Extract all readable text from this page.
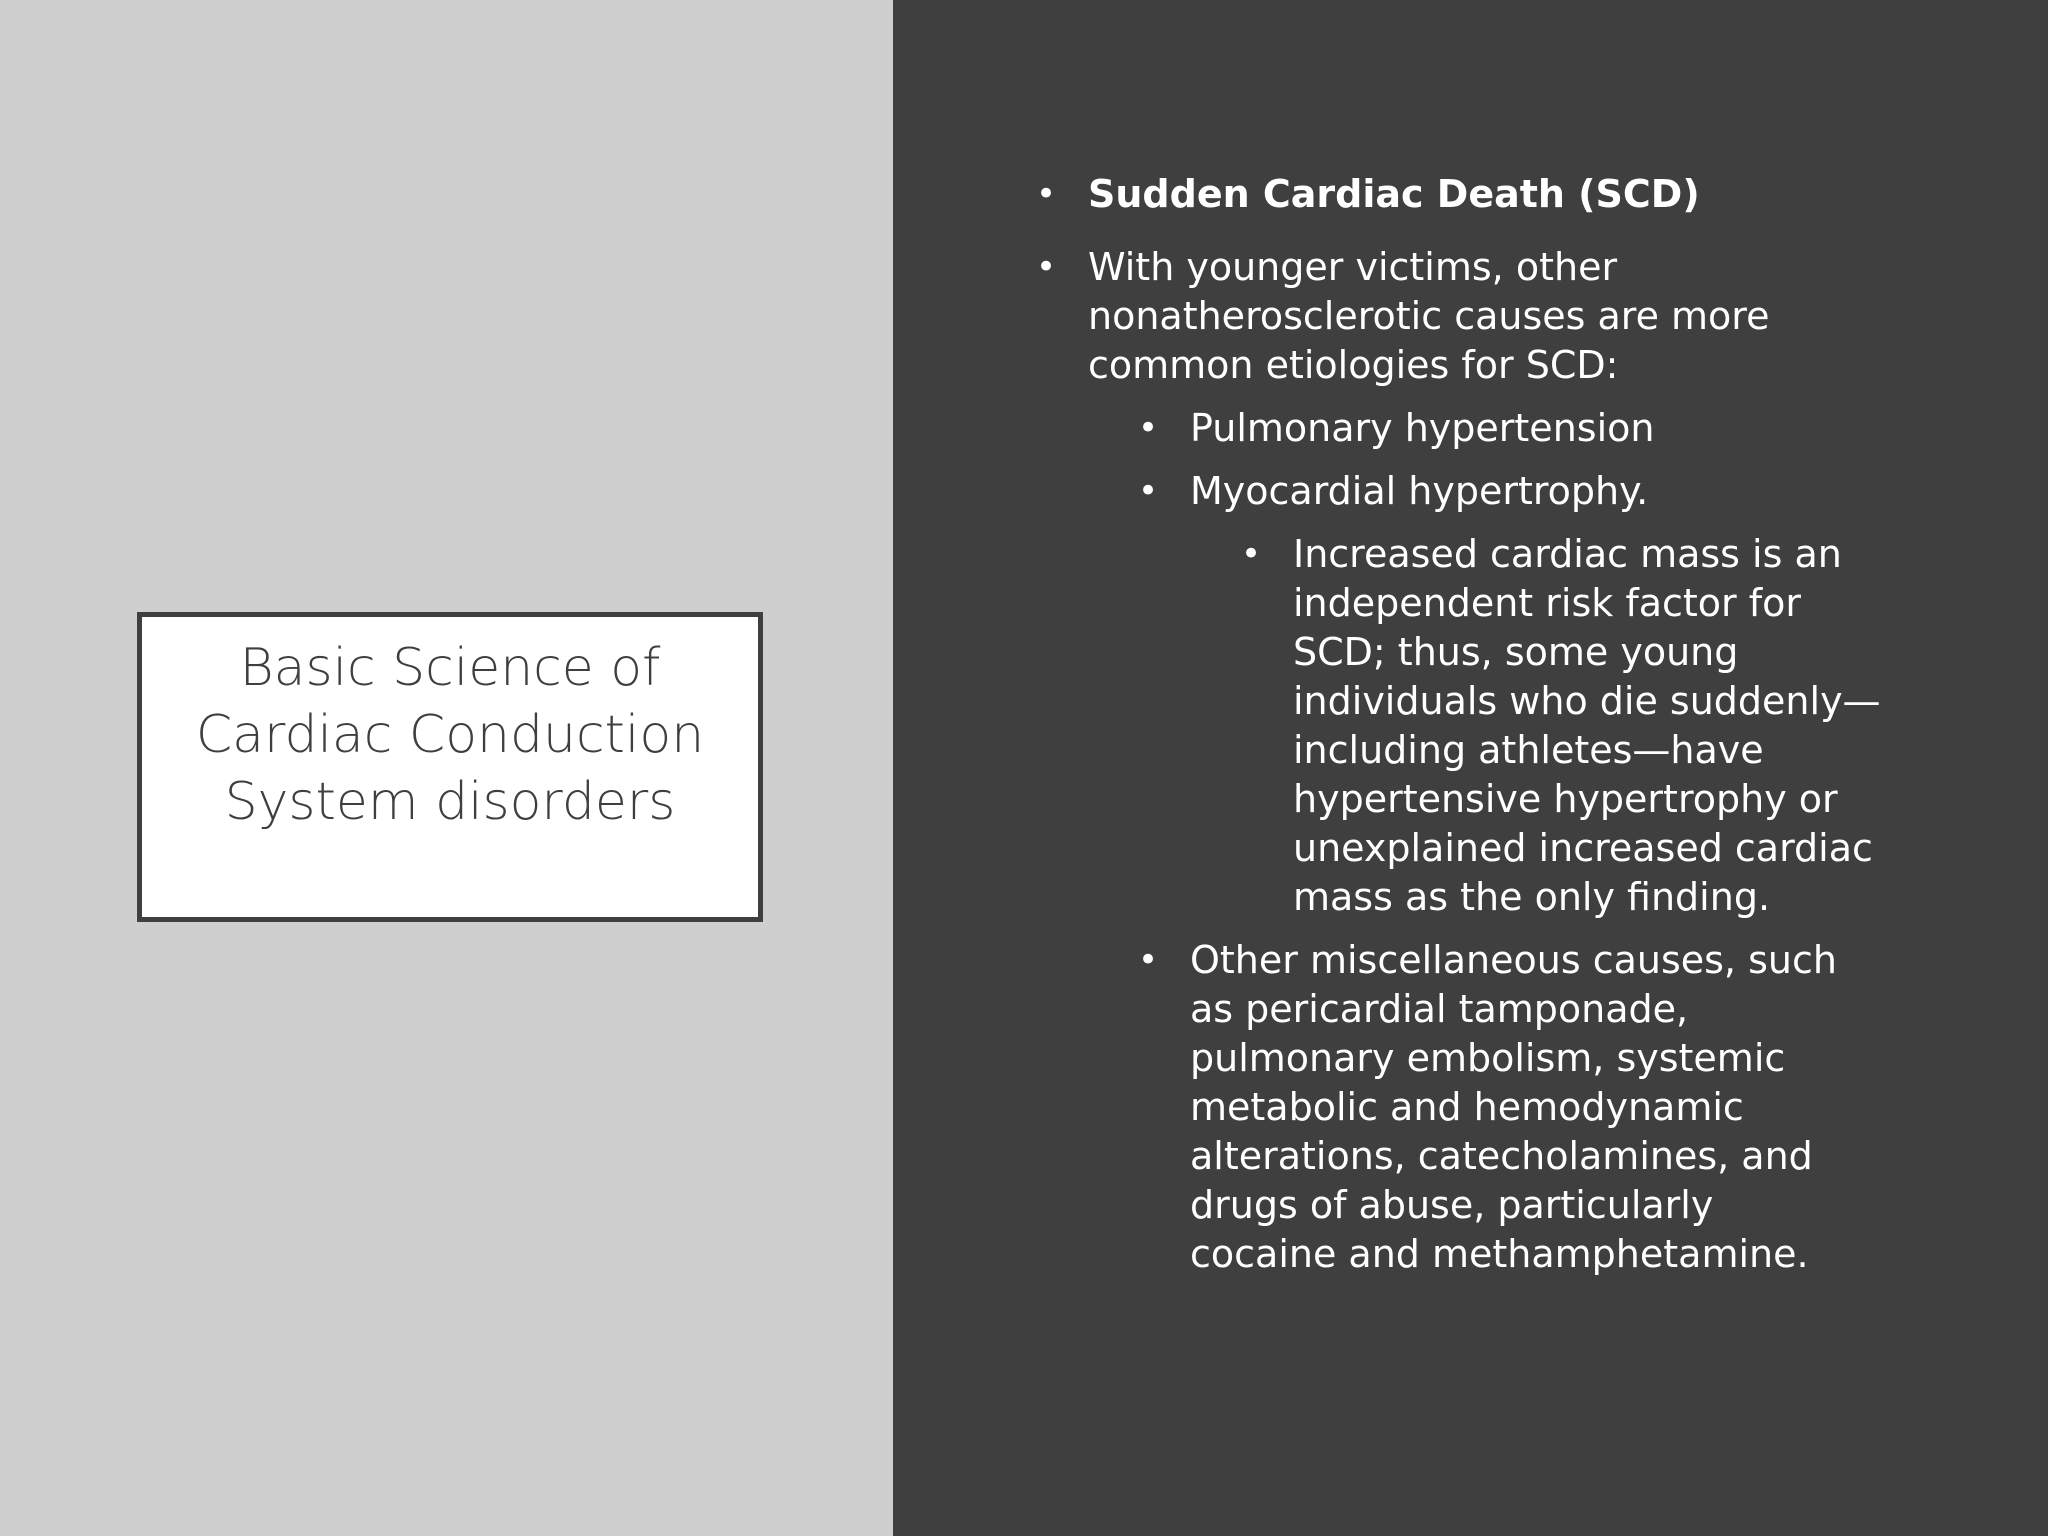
Basic Science of
Cardiac Conduction
System disorders
• Sudden Cardiac Death (SCD)
• With younger victims, other nonatherosclerotic causes are more common etiologies for SCD:
• Pulmonary hypertension
• Myocardial hypertrophy.
• Increased cardiac mass is an independent risk factor for SCD; thus, some young individuals who die suddenly—including athletes—have hypertensive hypertrophy or unexplained increased cardiac mass as the only finding.
• Other miscellaneous causes, such as pericardial tamponade, pulmonary embolism, systemic metabolic and hemodynamic alterations, catecholamines, and drugs of abuse, particularly cocaine and methamphetamine.
